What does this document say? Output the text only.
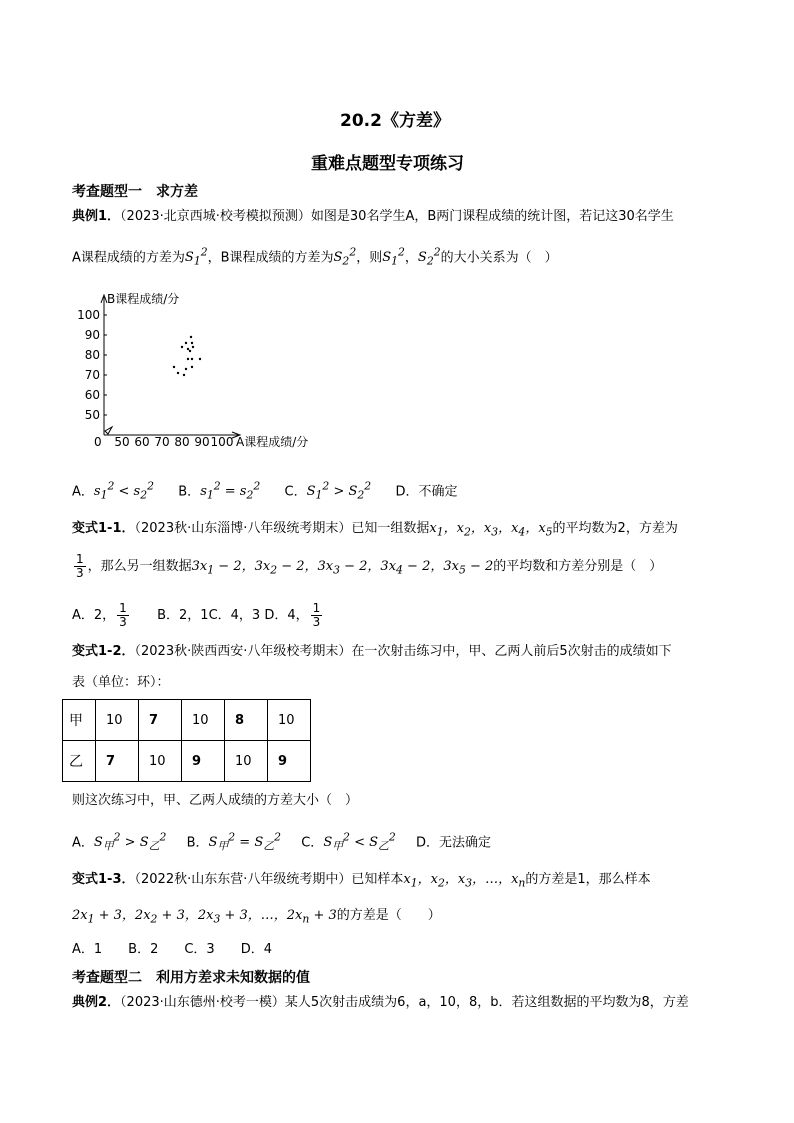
20.2《方差》
重难点题型专项练习
考查题型一　求方差
典例1．（2023·北京西城·校考模拟预测）如图是30名学生A，B两门课程成绩的统计图，若记这30名学生
A课程成绩的方差为$S_1^2$，B课程成绩的方差为$S_2^2$，则$S_1^2$，$S_2^2$的大小关系为（　）
0
50
60
70
80
90
100
50 60 70 80 90 100
B课程成绩/分
A课程成绩/分
A．$s_1^2 < s_2^2$ B．$s_1^2 = s_2^2$ C．$S_1^2 > S_2^2$ D．不确定
变式1-1．（2023秋·山东淄博·八年级统考期末）已知一组数据$x_1$，$x_2$，$x_3$，$x_4$，$x_5$的平均数为2，方差为
$\frac{1}{3}$ ，那么另一组数据$3x_1 - 2$，$3x_2 - 2$，$3x_3 - 2$，$3x_4 - 2$，$3x_5 - 2$的平均数和方差分别是（　）
A．2， $\frac{1}{3}$ B．2，1C．4，3 D．4， $\frac{1}{3}$
变式1-2．（2023秋·陕西西安·八年级校考期末）在一次射击练习中，甲、乙两人前后5次射击的成绩如下
表（单位：环）：
甲	10	7	10	8	10
乙	7	10	9	10	9
则这次练习中，甲、乙两人成绩的方差大小（　）
A．$S_甲^2 > S_乙^2$ B．$S_甲^2 = S_乙^2$ C．$S_甲^2 < S_乙^2$ D．无法确定
变式1-3．（2022秋·山东东营·八年级统考期中）已知样本$x_1$，$x_2$，$x_3$，…，$x_n$的方差是1，那么样本
$2x_1 + 3$，$2x_2 + 3$，$2x_3 + 3$，…，$2x_n + 3$的方差是（　　）
A．1　　B．2　　C．3　　D．4
考查题型二　利用方差求未知数据的值
典例2．（2023·山东德州·校考一模）某人5次射击成绩为6，a，10，8，b．若这组数据的平均数为8，方差
